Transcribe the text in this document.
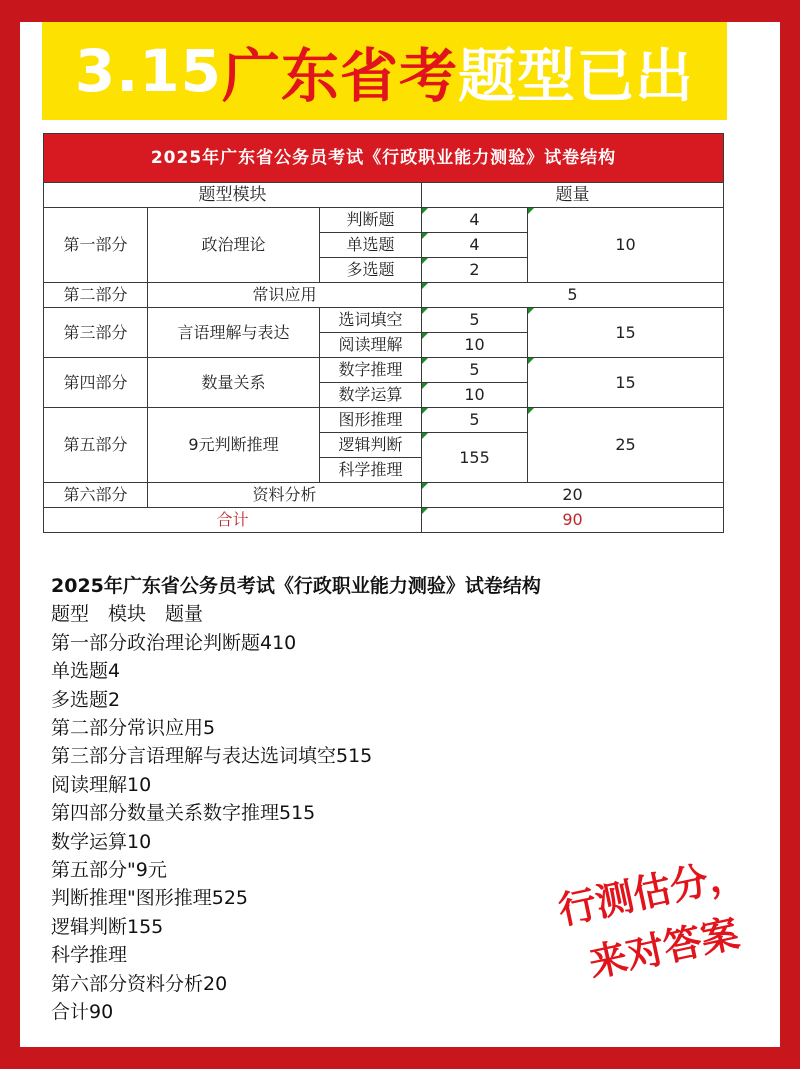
3.15 广东省考 题型已出
2025年广东省公务员考试《行政职业能力测验》试卷结构				
题型模块			题量	
第一部分	政治理论	判断题	4	10
		单选题	4	
		多选题	2	
第二部分	常识应用		5	
第三部分	言语理解与表达	选词填空	5	15
		阅读理解	10	
第四部分	数量关系	数字推理	5	15
		数学运算	10	
第五部分	9元判断推理	图形推理	5	25
		逻辑判断	155	
		科学推理		
第六部分	资料分析		20	
合计			90	
2025年广东省公务员考试《行政职业能力测验》试卷结构
题型　模块　题量
第一部分政治理论判断题410
单选题4
多选题2
第二部分常识应用5
第三部分言语理解与表达选词填空515
阅读理解10
第四部分数量关系数字推理515
数学运算10
第五部分"9元
判断推理"图形推理525
逻辑判断155
科学推理
第六部分资料分析20
合计90
行测估分，
来对答案
